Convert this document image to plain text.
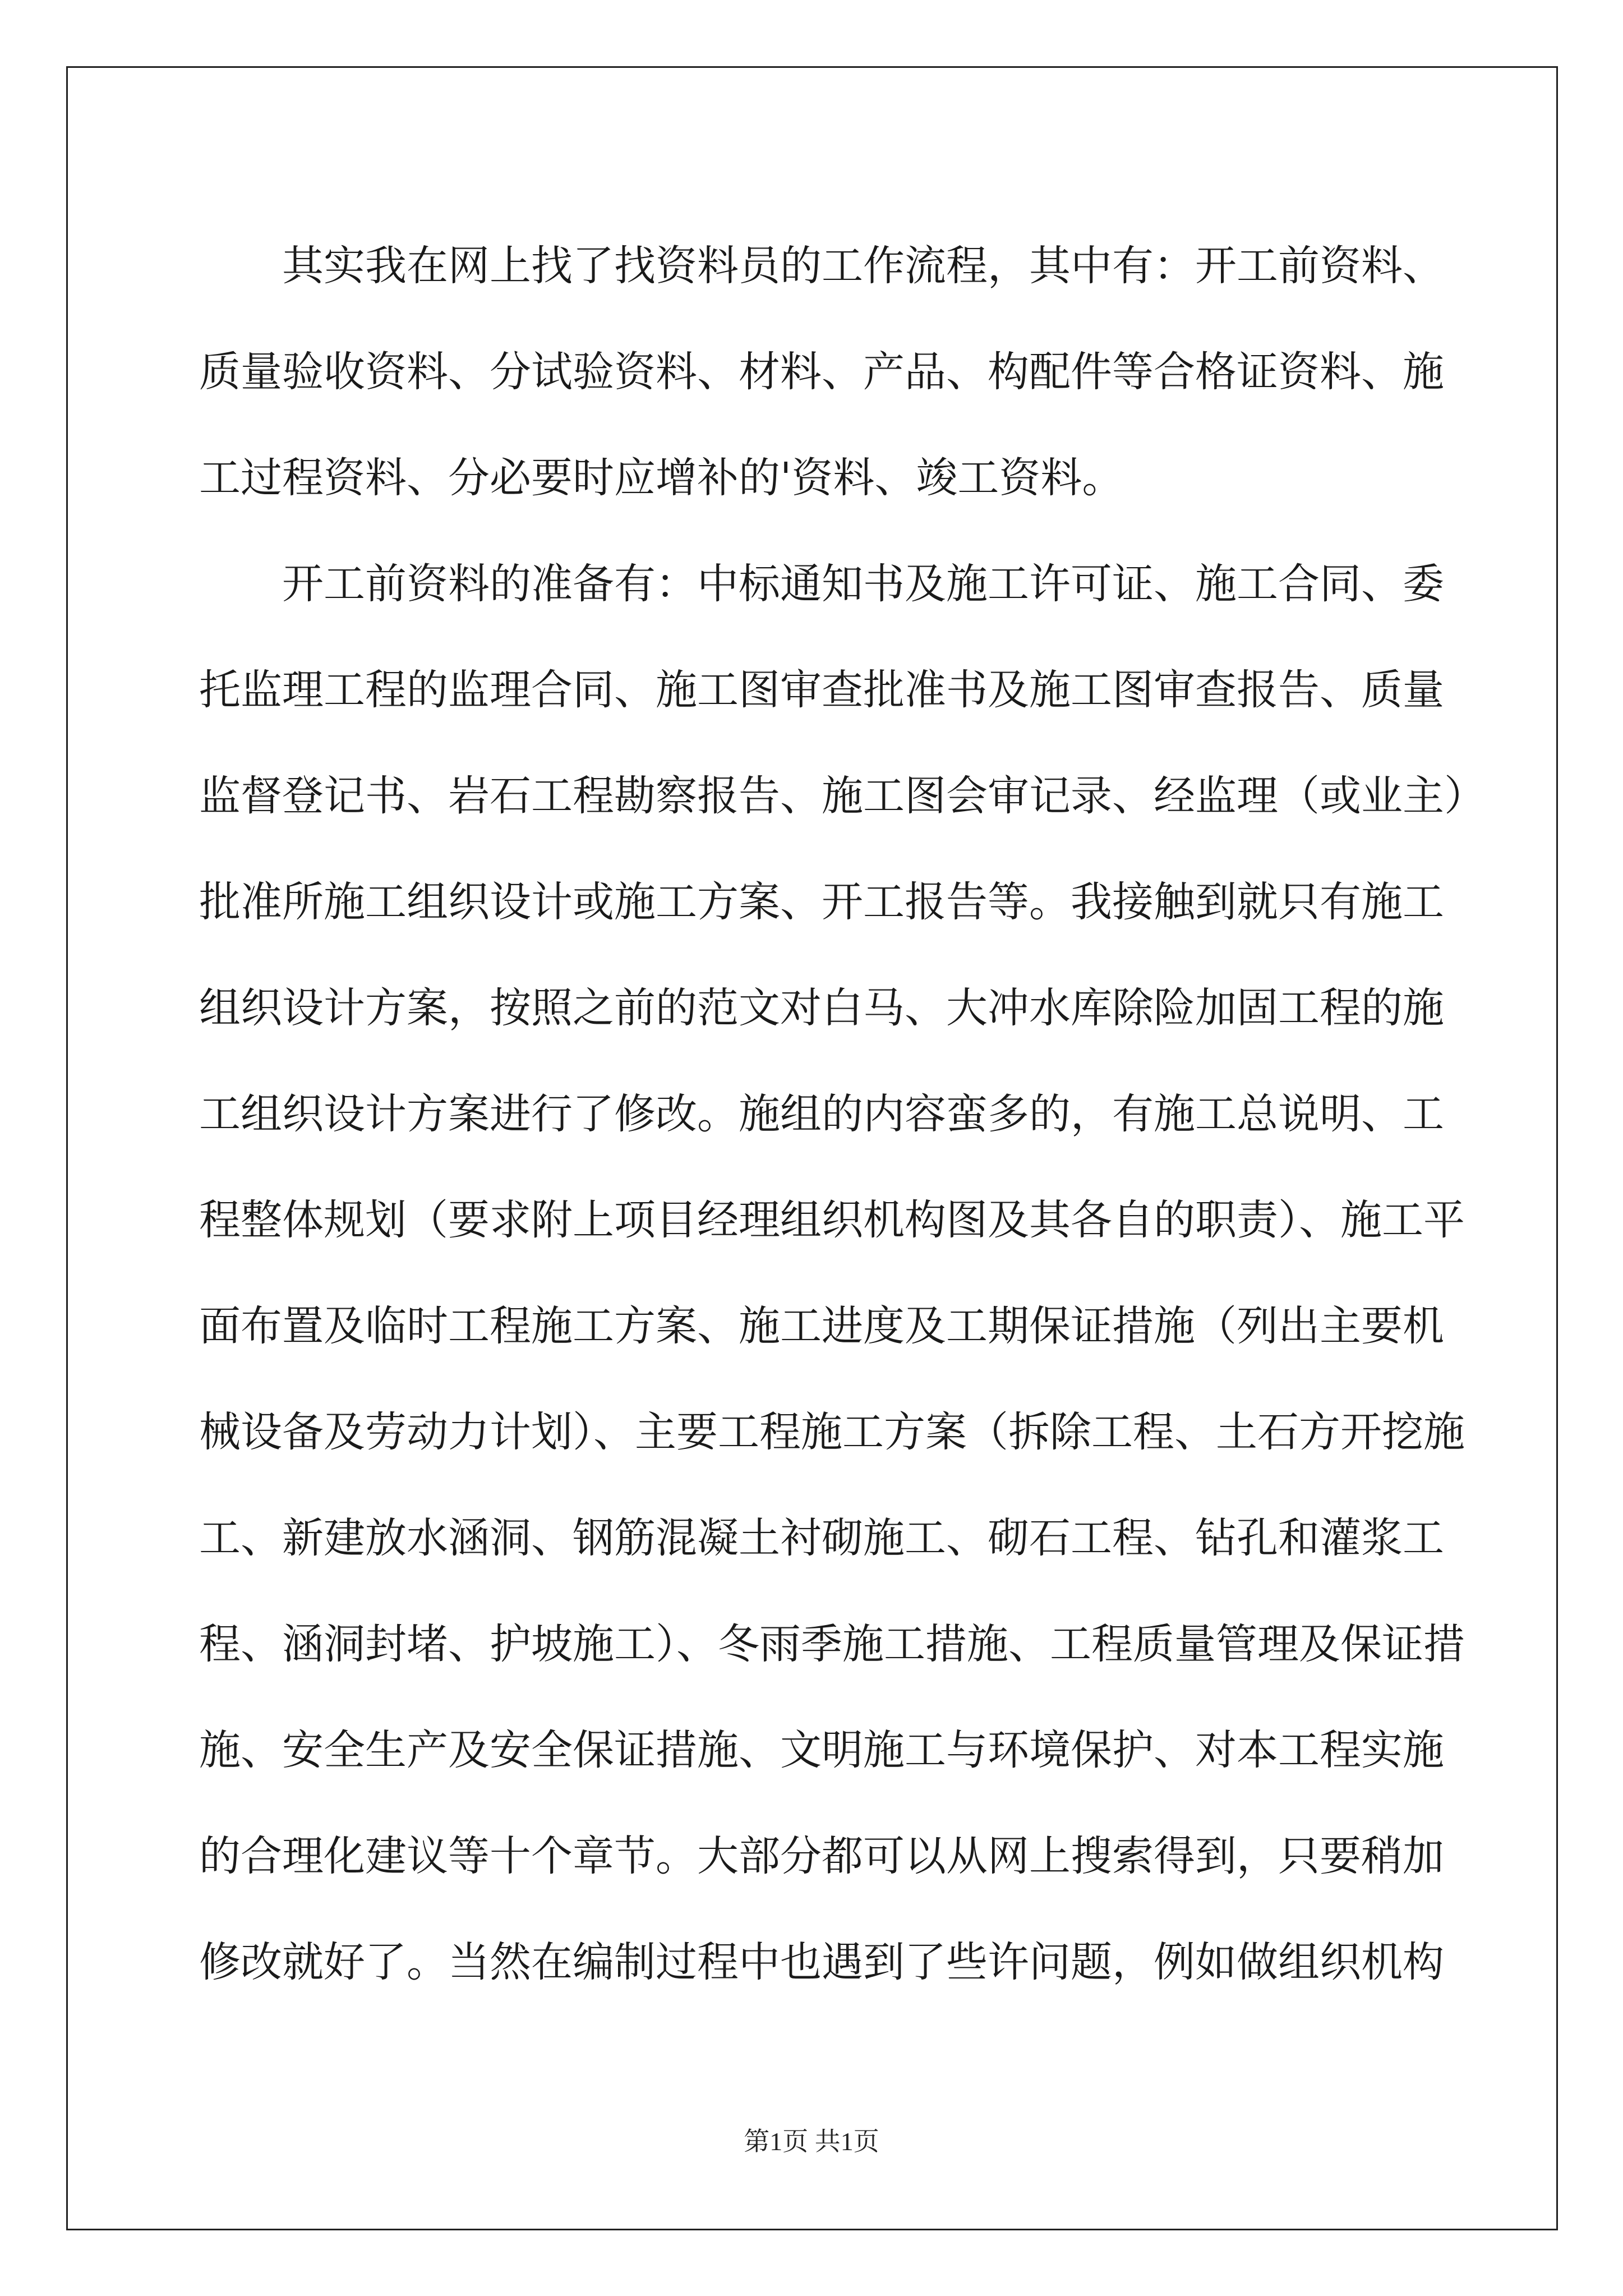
其实我在网上找了找资料员的工作流程，其中有：开工前资料、
质量验收资料、分试验资料、材料、产品、构配件等合格证资料、施
工过程资料、分必要时应增补的'资料、竣工资料。

开工前资料的准备有：中标通知书及施工许可证、施工合同、委
托监理工程的监理合同、施工图审查批准书及施工图审查报告、质量
监督登记书、岩石工程勘察报告、施工图会审记录、经监理（或业主）
批准所施工组织设计或施工方案、开工报告等。我接触到就只有施工
组织设计方案，按照之前的范文对白马、大冲水库除险加固工程的施
工组织设计方案进行了修改。施组的内容蛮多的，有施工总说明、工
程整体规划（要求附上项目经理组织机构图及其各自的职责）、施工平
面布置及临时工程施工方案、施工进度及工期保证措施（列出主要机
械设备及劳动力计划）、主要工程施工方案（拆除工程、土石方开挖施
工、新建放水涵洞、钢筋混凝土衬砌施工、砌石工程、钻孔和灌浆工
程、涵洞封堵、护坡施工）、冬雨季施工措施、工程质量管理及保证措
施、安全生产及安全保证措施、文明施工与环境保护、对本工程实施
的合理化建议等十个章节。大部分都可以从网上搜索得到，只要稍加
修改就好了。当然在编制过程中也遇到了些许问题，例如做组织机构

第1页 共1页
